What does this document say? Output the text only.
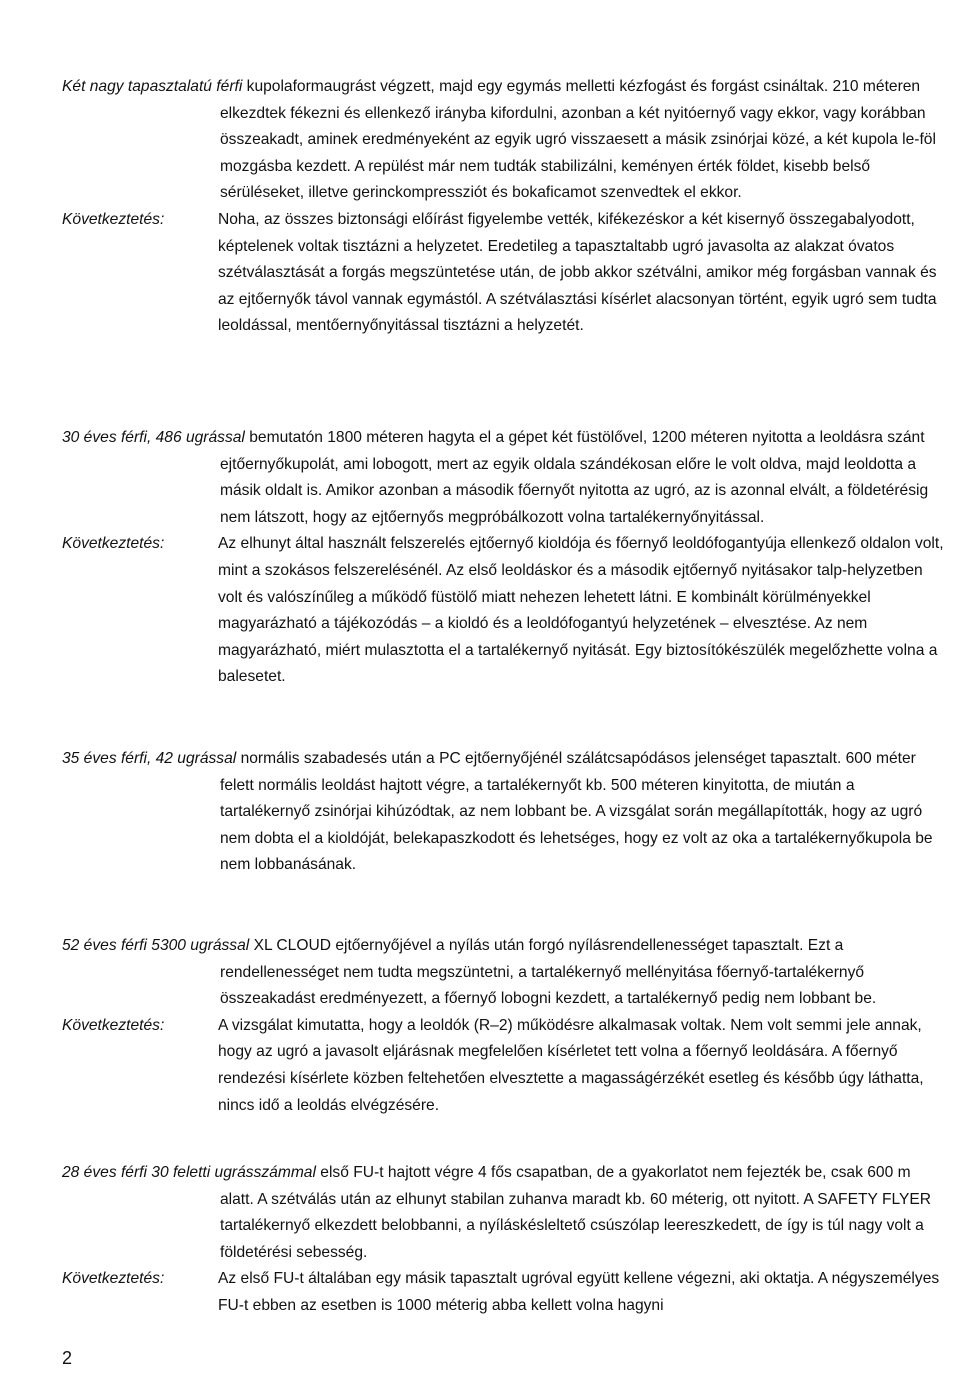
Két nagy tapasztalatú férfi kupolaformaugrást végzett, majd egy egymás melletti kézfogást és forgást csináltak. 210 méteren elkezdtek fékezni és ellenkező irányba kifordulni, azonban a két nyitóernyő vagy ekkor, vagy korábban összeakadt, aminek eredményeként az egyik ugró visszaesett a másik zsinórjai közé, a két kupola le-föl mozgásba kezdett. A repülést már nem tudták stabilizálni, keményen érték földet, kisebb belső sérüléseket, illetve gerinckompressziót és bokaficamot szenvedtek el ekkor.

Következtetés:	Noha, az összes biztonsági előírást figyelembe vették, kifékezéskor a két kisernyő összegabalyodott, képtelenek voltak tisztázni a helyzetet. Eredetileg a tapasztaltabb ugró javasolta az alakzat óvatos szétválasztását a forgás megszüntetése után, de jobb akkor szétválni, amikor még forgásban vannak és az ejtőernyők távol vannak egymástól. A szétválasztási kísérlet alacsonyan történt, egyik ugró sem tudta leoldással, mentőernyőnyitással tisztázni a helyzetét.

30 éves férfi, 486 ugrással bemutatón 1800 méteren hagyta el a gépet két füstölővel, 1200 méteren nyitotta a leoldásra szánt ejtőernyőkupolát, ami lobogott, mert az egyik oldala szándékosan előre le volt oldva, majd leoldotta a másik oldalt is. Amikor azonban a második főernyőt nyitotta az ugró, az is azonnal elvált, a földetérésig nem látszott, hogy az ejtőernyős megpróbálkozott volna tartalékernyőnyitással.

Következtetés:	Az elhunyt által használt felszerelés ejtőernyő kioldója és főernyő leoldófogantyúja ellenkező oldalon volt, mint a szokásos felszerelésénél. Az első leoldáskor és a második ejtőernyő nyitásakor talp-helyzetben volt és valószínűleg a működő füstölő miatt nehezen lehetett látni. E kombinált körülményekkel magyarázható a tájékozódás – a kioldó és a leoldófogantyú helyzetének – elvesztése. Az nem magyarázható, miért mulasztotta el a tartalékernyő nyitását. Egy biztosítókészülék megelőzhette volna a balesetet.

35 éves férfi, 42 ugrással normális szabadesés után a PC ejtőernyőjénél szálátcsapódásos jelenséget tapasztalt. 600 méter felett normális leoldást hajtott végre, a tartalékernyőt kb. 500 méteren kinyitotta, de miután a tartalékernyő zsinórjai kihúzódtak, az nem lobbant be. A vizsgálat során megállapították, hogy az ugró nem dobta el a kioldóját, belekapaszkodott és lehetséges, hogy ez volt az oka a tartalékernyőkupola be nem lobbanásának.

52 éves férfi 5300 ugrással XL CLOUD ejtőernyőjével a nyílás után forgó nyílásrendellenességet tapasztalt. Ezt a rendellenességet nem tudta megszüntetni, a tartalékernyő mellényitása főernyő-tartalékernyő összeakadást eredményezett, a főernyő lobogni kezdett, a tartalékernyő pedig nem lobbant be.

Következtetés:	A vizsgálat kimutatta, hogy a leoldók (R–2) működésre alkalmasak voltak. Nem volt semmi jele annak, hogy az ugró a javasolt eljárásnak megfelelően kísérletet tett volna a főernyő leoldására. A főernyő rendezési kísérlete közben feltehetően elvesztette a magasságérzékét esetleg és később úgy láthatta, nincs idő a leoldás elvégzésére.

28 éves férfi 30 feletti ugrásszámmal első FU-t hajtott végre 4 fős csapatban, de a gyakorlatot nem fejezték be, csak 600 m alatt. A szétválás után az elhunyt stabilan zuhanva maradt kb. 60 méterig, ott nyitott. A SAFETY FLYER tartalékernyő elkezdett belobbanni, a nyíláskésleltető csúszólap leereszkedett, de így is túl nagy volt a földetérési sebesség.

Következtetés:	Az első FU-t általában egy másik tapasztalt ugróval együtt kellene végezni, aki oktatja. A négyszemélyes FU-t ebben az esetben is 1000 méterig abba kellett volna hagyni
2
